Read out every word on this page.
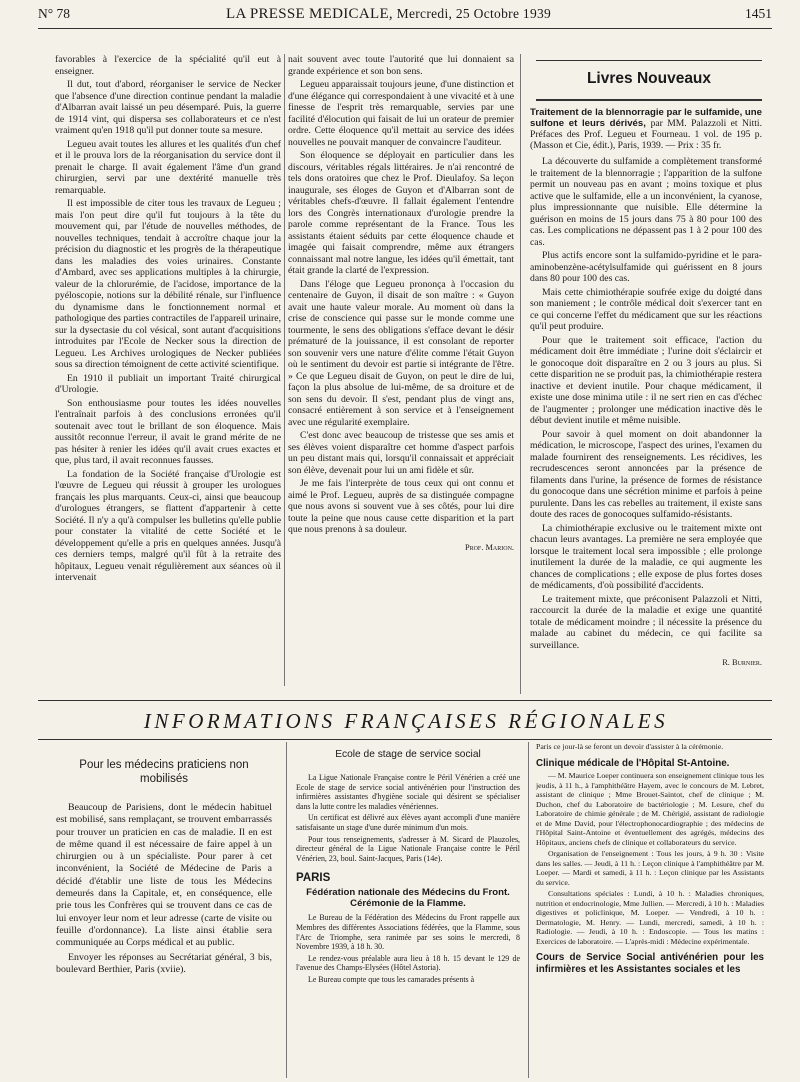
N° 78	LA PRESSE MEDICALE, Mercredi, 25 Octobre 1939	1451

favorables à l'exercice de la spécialité qu'il eut à enseigner.

Il dut, tout d'abord, réorganiser le service de Necker que l'absence d'une direction continue pendant la maladie d'Albarran avait laissé un peu désemparé. Puis, la guerre de 1914 vint, qui dispersa ses collaborateurs et ce n'est vraiment qu'en 1918 qu'il put donner toute sa mesure.

Legueu avait toutes les allures et les qualités d'un chef et il le prouva lors de la réorganisation du service dont il prenait le charge. Il avait également l'âme d'un grand chirurgien, servi par une dextérité manuelle très remarquable.

Il est impossible de citer tous les travaux de Legueu ; mais l'on peut dire qu'il fut toujours à la tête du mouvement qui, par l'étude de nouvelles méthodes, de nouvelles techniques, tendait à accroître chaque jour la précision du diagnostic et les progrès de la thérapeutique dans les maladies des voies urinaires. Constante d'Ambard, avec ses applications multiples à la chirurgie, valeur de la chlorurémie, de l'acidose, importance de la pyéloscopie, notions sur la débilité rénale, sur l'influence du dynamisme dans le fonctionnement normal et pathologique des parties contractiles de l'appareil urinaire, sur la dysectasie du col vésical, sont autant d'acquisitions introduites par l'Ecole de Necker sous la direction de Legueu. Les Archives urologiques de Necker publiées sous sa direction témoignent de cette activité scientifique.

En 1910 il publiait un important Traité chirurgical d'Urologie.

Son enthousiasme pour toutes les idées nouvelles l'entraînait parfois à des conclusions erronées qu'il soutenait avec tout le brillant de son éloquence. Mais aussitôt reconnue l'erreur, il avait le grand mérite de ne pas hésiter à renier les idées qu'il avait crues exactes et que, plus tard, il avait reconnues fausses.

La fondation de la Société française d'Urologie est l'œuvre de Legueu qui réussit à grouper les urologues français les plus marquants. Ceux-ci, ainsi que beaucoup d'urologues étrangers, se flattent d'appartenir à cette Société. Il n'y a qu'à compulser les bulletins qu'elle publie pour constater la vitalité de cette Société et le développement qu'elle a pris en quelques années. Jusqu'à ces derniers temps, malgré qu'il fût à la retraite des hôpitaux, Legueu venait régulièrement aux séances où il intervenait

nait souvent avec toute l'autorité que lui donnaient sa grande expérience et son bon sens.

Legueu apparaissait toujours jeune, d'une distinction et d'une élégance qui correspondaient à une vivacité et à une finesse de l'esprit très remarquable, servies par une facilité d'élocution qui faisait de lui un orateur de premier ordre. Cette éloquence qu'il mettait au service des idées nouvelles ne pouvait manquer de convaincre l'auditeur.

Son éloquence se déployait en particulier dans les discours, véritables régals littéraires. Je n'ai rencontré de tels dons oratoires que chez le Prof. Dieulafoy. Sa leçon inaugurale, ses éloges de Guyon et d'Albarran sont de véritables chefs-d'œuvre. Il fallait également l'entendre lors des Congrès internationaux d'urologie prendre la parole comme représentant de la France. Tous les assistants étaient séduits par cette éloquence chaude et imagée qui faisait comprendre, même aux étrangers connaissant mal notre langue, les idées qu'il émettait, tant était grande la clarté de l'expression.

Dans l'éloge que Legueu prononça à l'occasion du centenaire de Guyon, il disait de son maître : « Guyon avait une haute valeur morale. Au moment où dans la crise de conscience qui passe sur le monde comme une tourmente, le sens des obligations s'efface devant le désir prématuré de la jouissance, il est consolant de reporter son souvenir vers une nature d'élite comme l'était Guyon où le sentiment du devoir est partie si intégrante de l'être. » Ce que Legueu disait de Guyon, on peut le dire de lui, façon la plus absolue de lui-même, de sa droiture et de son sens du devoir. Il s'est, pendant plus de vingt ans, consacré entièrement à son service et à l'enseignement avec une régularité exemplaire.

C'est donc avec beaucoup de tristesse que ses amis et ses élèves voient disparaître cet homme d'aspect parfois un peu distant mais qui, lorsqu'il connaissait et appréciait son élève, devenait pour lui un ami fidèle et sûr.

Je me fais l'interprète de tous ceux qui ont connu et aimé le Prof. Legueu, auprès de sa distinguée compagne que nous avons si souvent vue à ses côtés, pour lui dire toute la peine que nous cause cette disparition et la part que nous prenons à sa douleur.

Prof. Marion.

Livres Nouveaux

Traitement de la blennorragie par le sulfamide, une sulfone et leurs dérivés, par MM. Palazzoli et Nitti. Préfaces des Prof. Legueu et Fourneau. 1 vol. de 195 p. (Masson et Cie, édit.), Paris, 1939. — Prix : 35 fr.

La découverte du sulfamide a complètement transformé le traitement de la blennorragie ; l'apparition de la sulfone permit un nouveau pas en avant ; moins toxique et plus active que le sulfamide, elle a un inconvénient, la cyanose, plus impressionnante que nuisible. Elle détermine la guérison en moins de 15 jours dans 75 à 80 pour 100 des cas. Les complications ne dépassent pas 1 à 2 pour 100 des cas.

Plus actifs encore sont la sulfamido-pyridine et le para-aminobenzène-acétylsulfamide qui guérissent en 8 jours dans 80 pour 100 des cas.

Mais cette chimiothérapie soufrée exige du doigté dans son maniement ; le contrôle médical doit s'exercer tant en ce qui concerne l'effet du médicament que sur les réactions qu'il peut produire.

Pour que le traitement soit efficace, l'action du médicament doit être immédiate ; l'urine doit s'éclaircir et le gonocoque doit disparaître en 2 ou 3 jours au plus. Si cette disparition ne se produit pas, la chimiothérapie restera inactive et devient inutile. Pour chaque médicament, il existe une dose minima utile : il ne sert rien en cas d'échec de l'augmenter ; prolonger une médication inactive dès le début devient inutile et même nuisible.

Pour savoir à quel moment on doit abandonner la médication, le microscope, l'aspect des urines, l'examen du malade fournirent des renseignements. Les récidives, les recrudescences seront annoncées par la présence de filaments dans l'urine, la présence de formes de résistance du gonocoque dans une sécrétion minime et parfois à peine purulente. Dans les cas rebelles au traitement, il existe sans doute des races de gonocoques sulfamido-résistants.

La chimiothérapie exclusive ou le traitement mixte ont chacun leurs avantages. La première ne sera employée que lorsque le traitement local sera impossible ; elle prolonge inutilement la durée de la maladie, ce qui augmente les chances de complications ; elle expose de plus fortes doses de médicaments, d'où possibilité d'accidents.

Le traitement mixte, que préconisent Palazzoli et Nitti, raccourcit la durée de la maladie et exige une quantité totale de médicament moindre ; il nécessite la présence du malade au cabinet du médecin, ce qui facilite sa surveillance.

R. Burnier.

INFORMATIONS FRANÇAISES RÉGIONALES

Pour les médecins praticiens non mobilisés

Beaucoup de Parisiens, dont le médecin habituel est mobilisé, sans remplaçant, se trouvent embarrassés pour trouver un praticien en cas de maladie. Il en est de même quand il est nécessaire de faire appel à un chirurgien ou à un spécialiste. Pour parer à cet inconvénient, la Société de Médecine de Paris a décidé d'établir une liste de tous les Médecins demeurés dans la Capitale, et, en conséquence, elle prie tous les Confrères qui se trouvent dans ce cas de lui envoyer leur nom et leur adresse (carte de visite ou feuille d'ordonnance). La liste ainsi établie sera communiquée au Corps médical et au public.

Envoyer les réponses au Secrétariat général, 3 bis, boulevard Berthier, Paris (xviie).

Ecole de stage de service social

La Ligue Nationale Française contre le Péril Vénérien a créé une Ecole de stage de service social antivénérien pour l'instruction des infirmières assistantes d'hygiène sociale qui désirent se spécialiser dans la lutte contre les maladies vénériennes.

Un certificat est délivré aux élèves ayant accompli d'une manière satisfaisante un stage d'une durée minimum d'un mois.

Pour tous renseignements, s'adresser à M. Sicard de Plauzoles, directeur général de la Ligue Nationale Française contre le Péril Vénérien, 23, boul. Saint-Jacques, Paris (14e).

PARIS

Fédération nationale des Médecins du Front. Cérémonie de la Flamme.

Le Bureau de la Fédération des Médecins du Front rappelle aux Membres des différentes Associations fédérées, que la Flamme, sous l'Arc de Triomphe, sera ranimée par ses soins le mercredi, 8 Novembre 1939, à 18 h. 30.

Le rendez-vous préalable aura lieu à 18 h. 15 devant le 129 de l'avenue des Champs-Elysées (Hôtel Astoria).

Le Bureau compte que tous les camarades présents à

Paris ce jour-là se feront un devoir d'assister à la cérémonie.

Clinique médicale de l'Hôpital St-Antoine.

— M. Maurice Loeper continuera son enseignement clinique tous les jeudis, à 11 h., à l'amphithéâtre Hayem, avec le concours de M. Lebret, assistant de clinique ; Mme Brouet-Saintot, chef de clinique ; M. Duchon, chef du Laboratoire de bactériologie ; M. Lesure, chef du Laboratoire de chimie générale ; de M. Chérigié, assistant de radiologie et de Mme David, pour l'électrophonocardiographie ; des médecins de l'Hôpital Saint-Antoine et éventuellement des agrégés, médecins des Hôpitaux, anciens chefs de clinique et collaborateurs du service.

Organisation de l'enseignement : Tous les jours, à 9 h. 30 : Visite dans les salles. — Jeudi, à 11 h. : Leçon clinique à l'amphithéâtre par M. Loeper. — Mardi et samedi, à 11 h. : Leçon clinique par les Assistants du service.

Consultations spéciales : Lundi, à 10 h. : Maladies chroniques, nutrition et endocrinologie, Mme Jullien. — Mercredi, à 10 h. : Maladies digestives et policlinique, M. Loeper. — Vendredi, à 10 h. : Dermatologie, M. Henry. — Lundi, mercredi, samedi, à 10 h. : Radiologie. — Jeudi, à 10 h. : Endoscopie. — Tous les matins : Exercices de laboratoire. — L'après-midi : Médecine expérimentale.

Cours de Service Social antivénérien pour les infirmières et les Assistantes sociales et les
